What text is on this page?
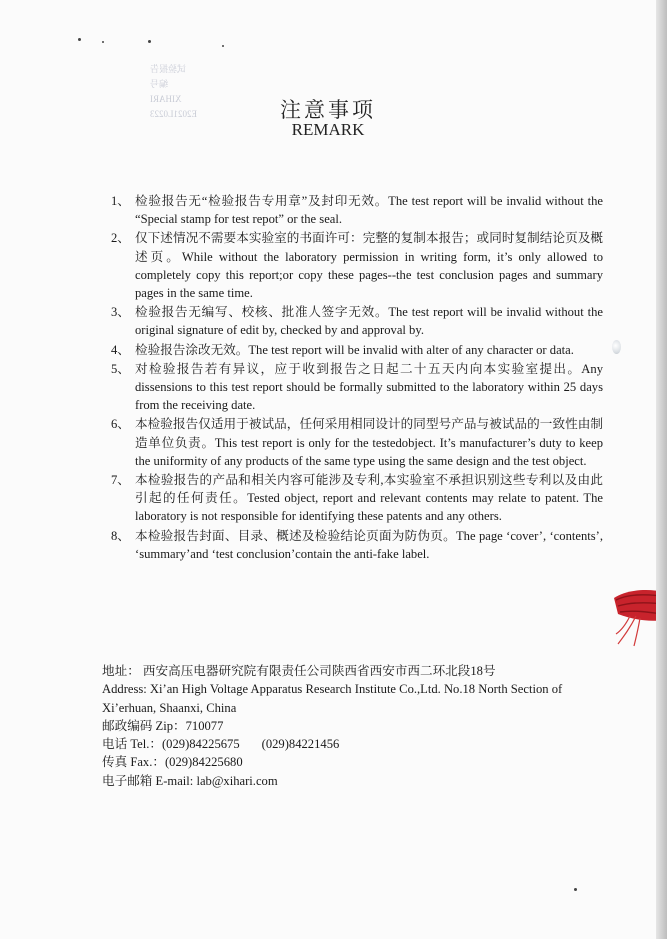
试验报告
编号
XIHARI
E2021L0223	注意事项
REMARK
1、 检验报告无“检验报告专用章”及封印无效。The test report will be invalid without the “Special stamp for test repot” or the seal.
2、 仅下述情况不需要本实验室的书面许可：完整的复制本报告；或同时复制结论页及概述页。While without the laboratory permission in writing form, it’s only allowed to completely copy this report;or copy these pages--the test conclusion pages and summary pages in the same time.
3、 检验报告无编写、校核、批准人签字无效。The test report will be invalid without the original signature of edit by, checked by and approval by.
4、 检验报告涂改无效。The test report will be invalid with alter of any character or data.
5、 对检验报告若有异议，应于收到报告之日起二十五天内向本实验室提出。Any dissensions to this test report should be formally submitted to the laboratory within 25 days from the receiving date.
6、 本检验报告仅适用于被试品，任何采用相同设计的同型号产品与被试品的一致性由制造单位负责。This test report is only for the testedobject. It’s manufacturer’s duty to keep the uniformity of any products of the same type using the same design and the test object.
7、 本检验报告的产品和相关内容可能涉及专利,本实验室不承担识别这些专利以及由此引起的任何责任。Tested object, report and relevant contents may relate to patent. The laboratory is not responsible for identifying these patents and any others.
8、 本检验报告封面、目录、概述及检验结论页面为防伪页。The page ‘cover’, ‘contents’, ‘summary’and ‘test conclusion’contain the anti-fake label.
地址： 西安高压电器研究院有限责任公司陕西省西安市西二环北段18号
Address: Xi’an High Voltage Apparatus Research Institute Co.,Ltd. No.18 North Section of
Xi’erhuan, Shaanxi, China
邮政编码 Zip：710077
电话 Tel.：(029)84225675 (029)84221456
传真 Fax.：(029)84225680
电子邮箱 E-mail: lab@xihari.com
